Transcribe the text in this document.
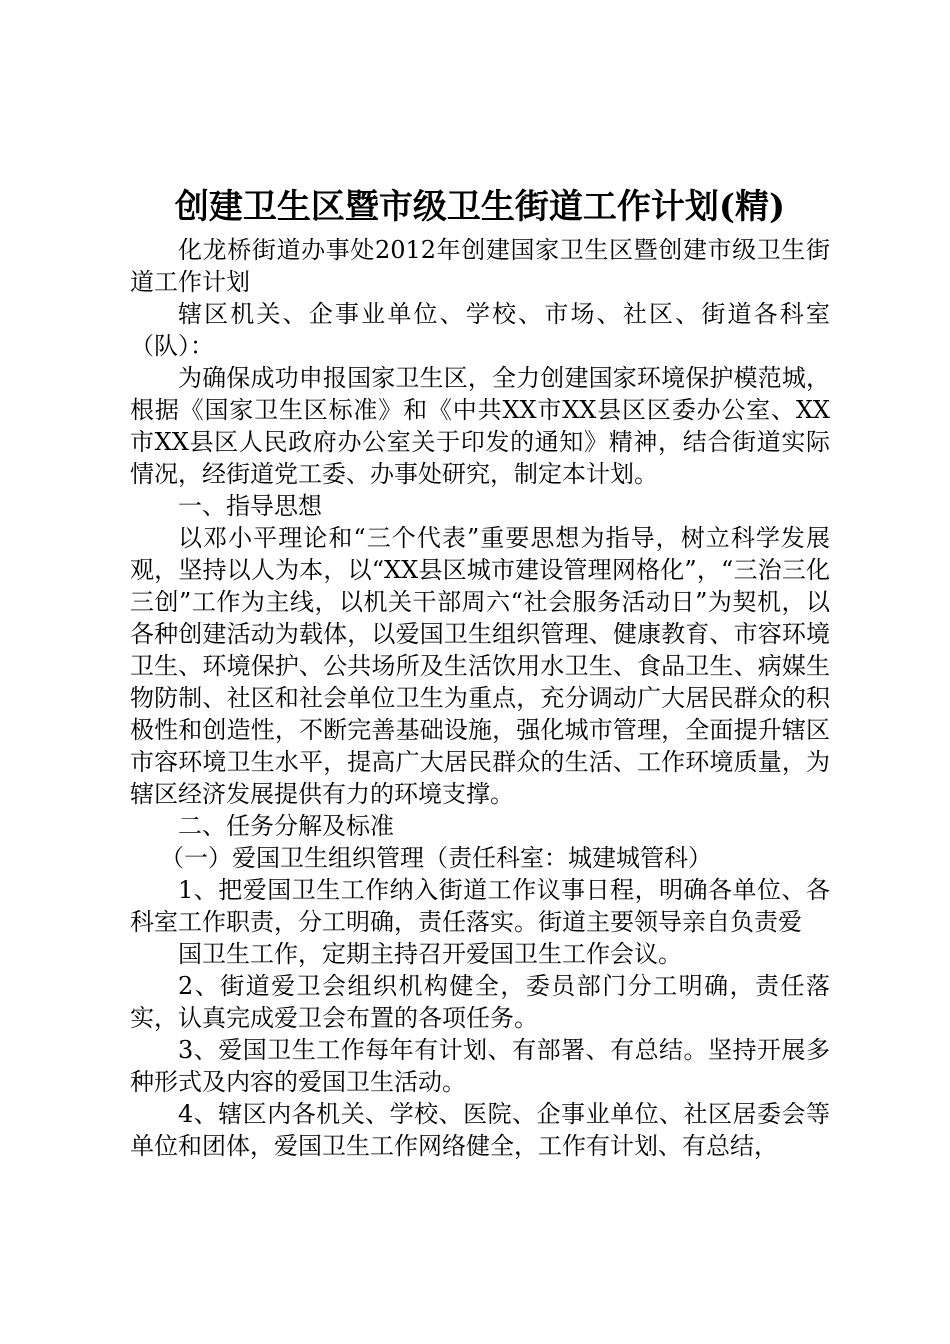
创建卫生区暨市级卫生街道工作计划(精)

化龙桥街道办事处2012年创建国家卫生区暨创建市级卫生街道工作计划

辖区机关、企事业单位、学校、市场、社区、街道各科室（队）：

为确保成功申报国家卫生区，全力创建国家环境保护模范城，根据《国家卫生区标准》和《中共XX市XX县区区委办公室、XX市XX县区人民政府办公室关于印发的通知》精神，结合街道实际情况，经街道党工委、办事处研究，制定本计划。

一、指导思想

以邓小平理论和“三个代表”重要思想为指导，树立科学发展观，坚持以人为本，以“XX县区城市建设管理网格化”，“三治三化三创”工作为主线，以机关干部周六“社会服务活动日”为契机，以各种创建活动为载体，以爱国卫生组织管理、健康教育、市容环境卫生、环境保护、公共场所及生活饮用水卫生、食品卫生、病媒生物防制、社区和社会单位卫生为重点，充分调动广大居民群众的积极性和创造性，不断完善基础设施，强化城市管理，全面提升辖区市容环境卫生水平，提高广大居民群众的生活、工作环境质量，为辖区经济发展提供有力的环境支撑。

二、任务分解及标准

（一）爱国卫生组织管理（责任科室：城建城管科）

1、把爱国卫生工作纳入街道工作议事日程，明确各单位、各科室工作职责，分工明确，责任落实。街道主要领导亲自负责爱

国卫生工作，定期主持召开爱国卫生工作会议。

2、街道爱卫会组织机构健全，委员部门分工明确，责任落实，认真完成爱卫会布置的各项任务。

3、爱国卫生工作每年有计划、有部署、有总结。坚持开展多种形式及内容的爱国卫生活动。

4、辖区内各机关、学校、医院、企事业单位、社区居委会等单位和团体，爱国卫生工作网络健全，工作有计划、有总结，
